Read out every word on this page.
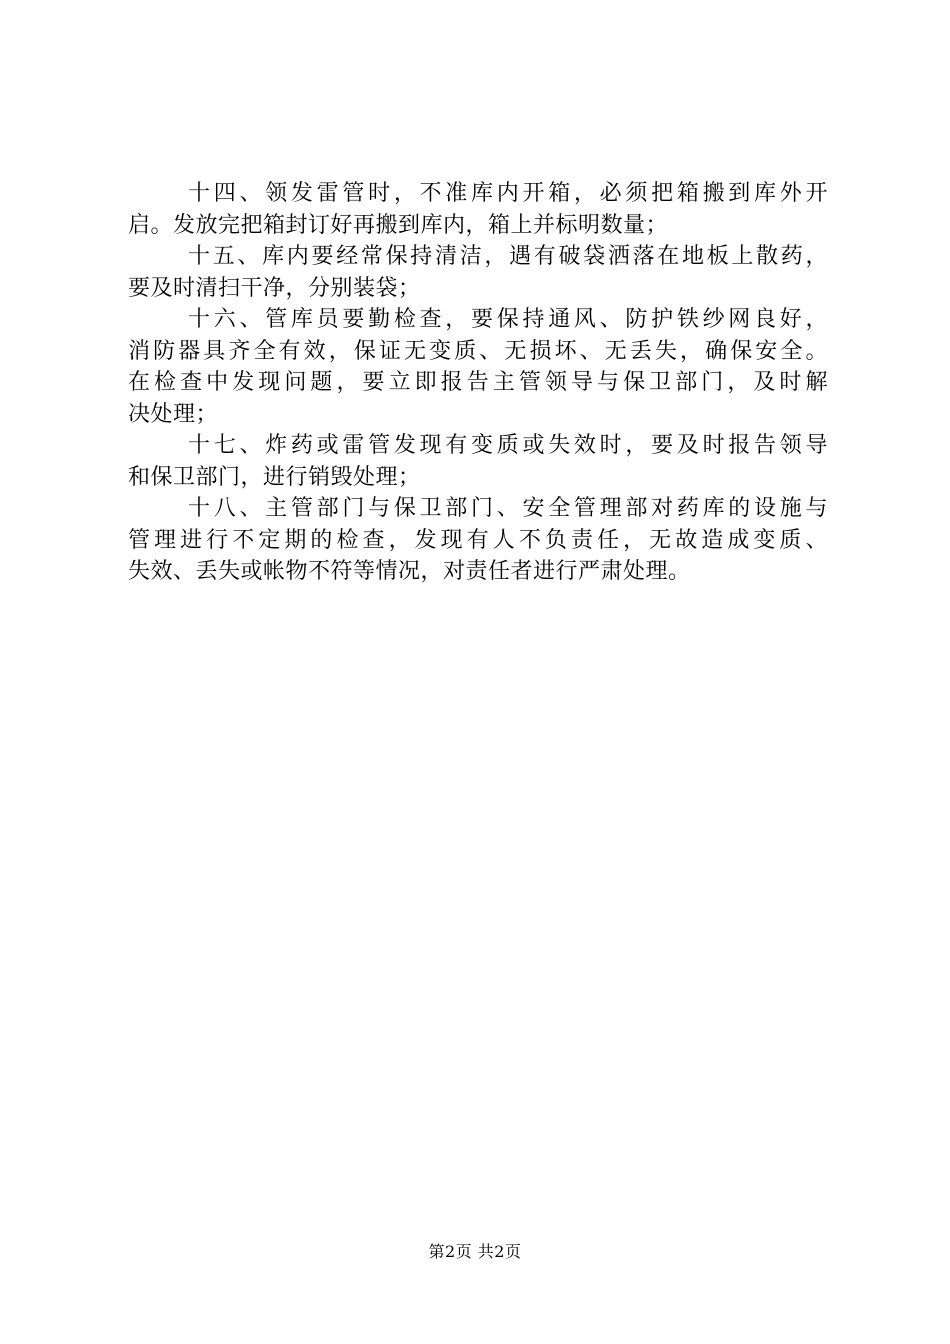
十四、领发雷管时，不准库内开箱，必须把箱搬到库外开
启。发放完把箱封订好再搬到库内，箱上并标明数量；
十五、库内要经常保持清洁，遇有破袋洒落在地板上散药，
要及时清扫干净，分别装袋；
十六、管库员要勤检查，要保持通风、防护铁纱网良好，
消防器具齐全有效，保证无变质、无损坏、无丢失，确保安全。
在检查中发现问题，要立即报告主管领导与保卫部门，及时解
决处理；
十七、炸药或雷管发现有变质或失效时，要及时报告领导
和保卫部门，进行销毁处理；
十八、主管部门与保卫部门、安全管理部对药库的设施与
管理进行不定期的检查，发现有人不负责任，无故造成变质、
失效、丢失或帐物不符等情况，对责任者进行严肃处理。
第2页 共2页
